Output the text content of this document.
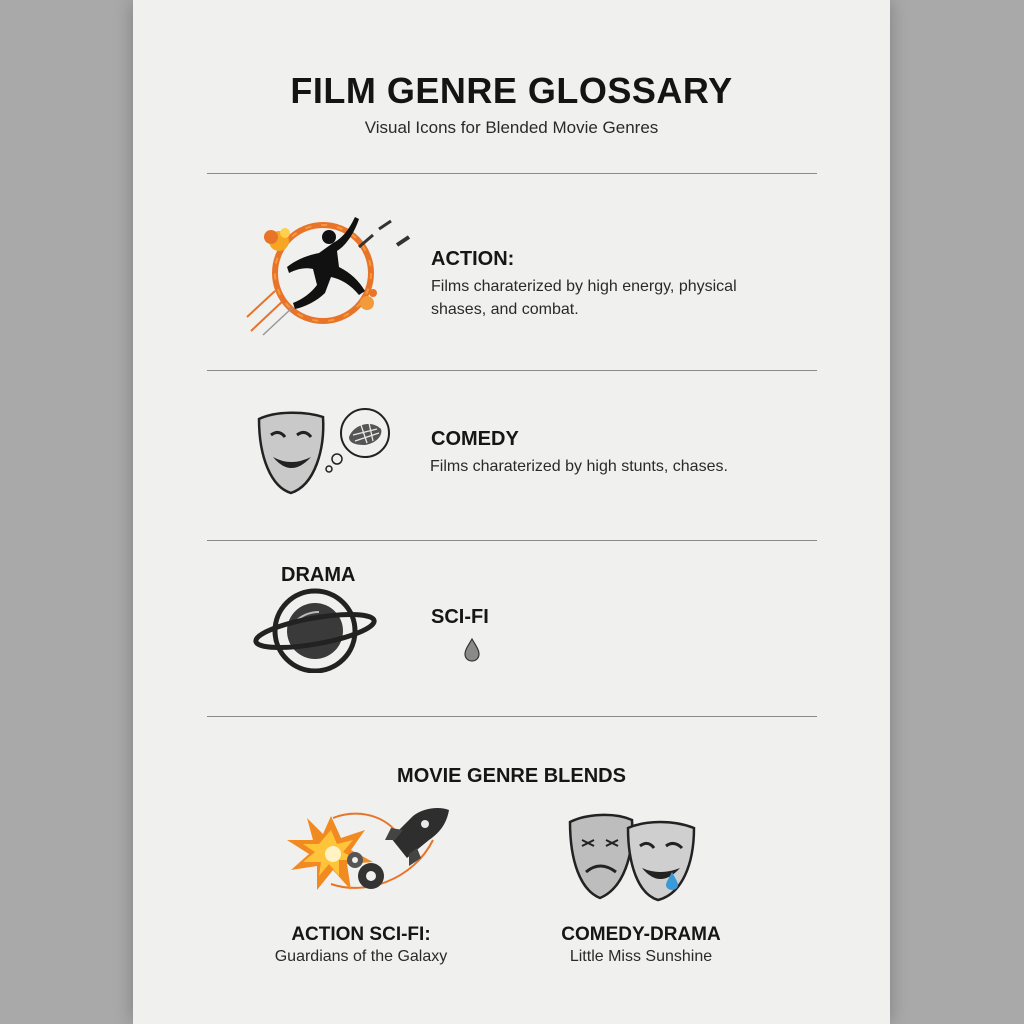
FILM GENRE GLOSSARY
Visual Icons for Blended Movie Genres
ACTION:
Films charaterized by high energy, physical shases, and combat.
COMEDY
Films charaterized by high stunts, chases.
DRAMA
SCI-FI
MOVIE GENRE BLENDS
ACTION SCI-FI:
Guardians of the Galaxy
COMEDY-DRAMA
Little Miss Sunshine
